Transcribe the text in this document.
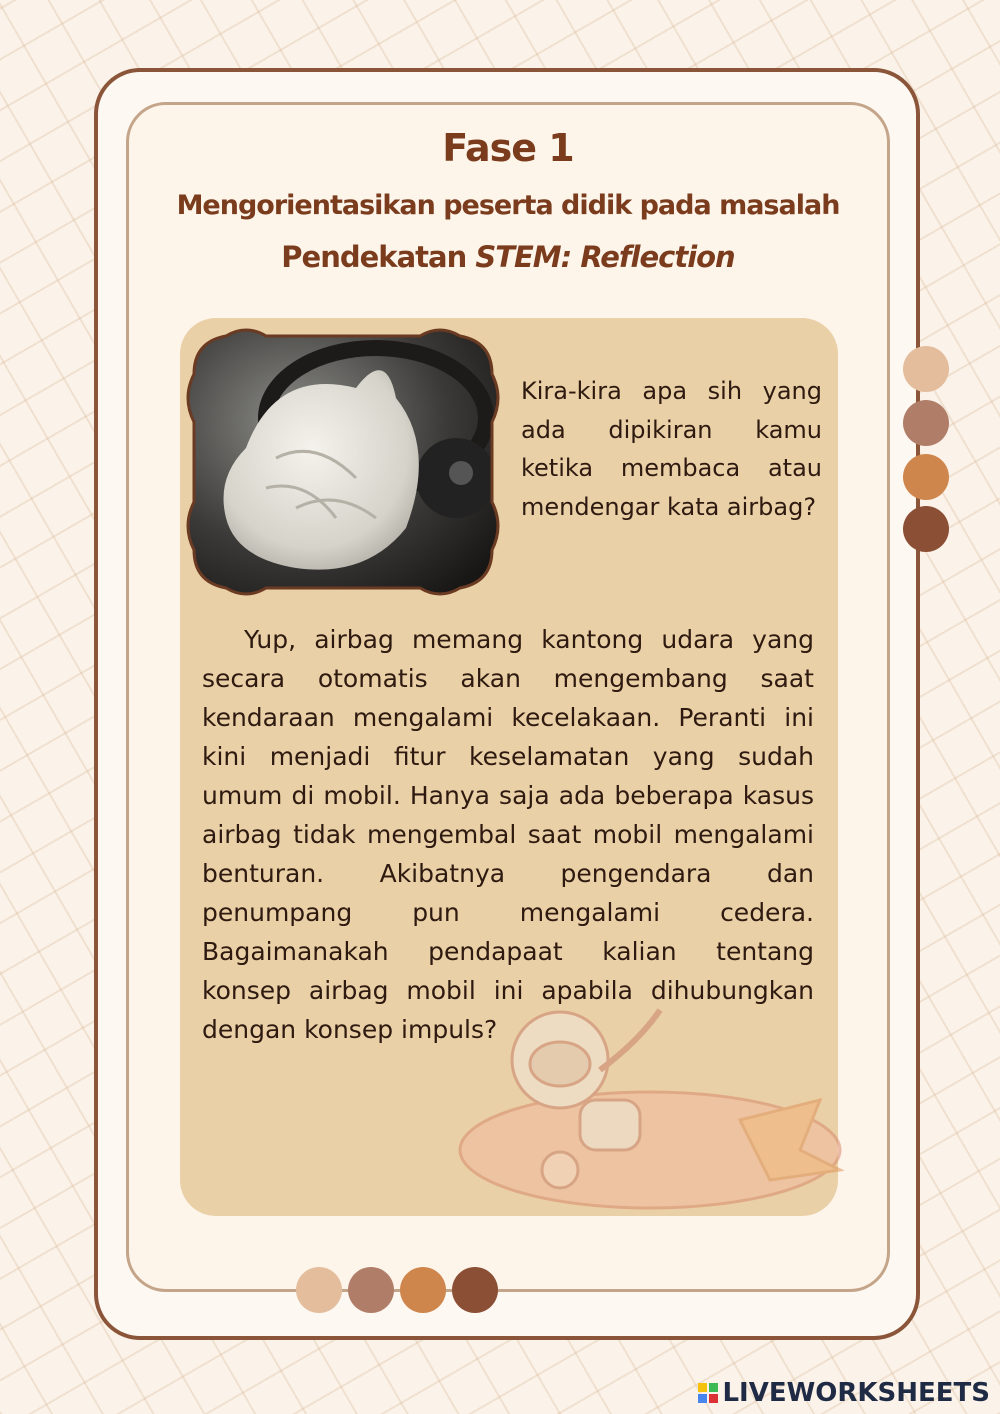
Fase 1
Mengorientasikan peserta didik pada masalah
Pendekatan STEM: Reflection
Kira-kira apa sih yang ada dipikiran kamu ketika membaca atau mendengar kata airbag?

Yup, airbag memang kantong udara yang secara otomatis akan mengembang saat kendaraan mengalami kecelakaan. Peranti ini kini menjadi fitur keselamatan yang sudah umum di mobil. Hanya saja ada beberapa kasus airbag tidak mengembal saat mobil mengalami benturan. Akibatnya pengendara dan penumpang pun mengalami cedera. Bagaimanakah pendapaat kalian tentang konsep airbag mobil ini apabila dihubungkan dengan konsep impuls?

LIVEWORKSHEETS
